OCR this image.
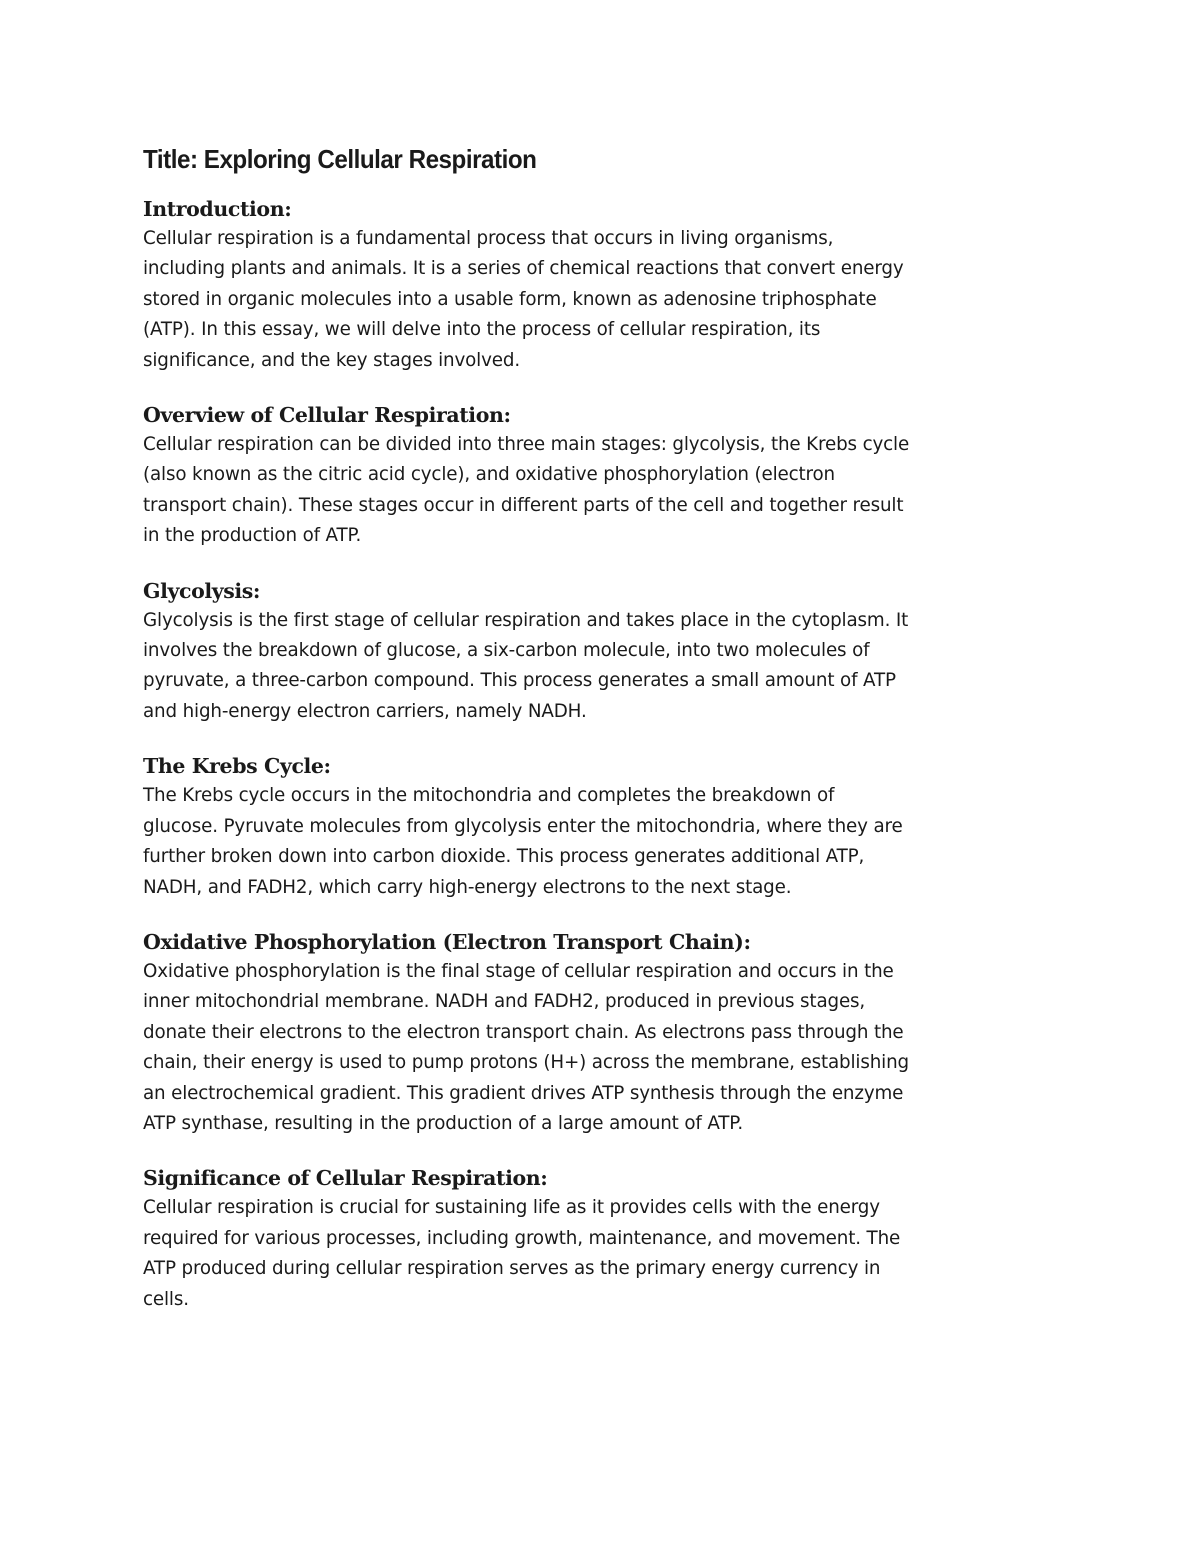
Title: Exploring Cellular Respiration
Introduction:

Cellular respiration is a fundamental process that occurs in living organisms,
including plants and animals. It is a series of chemical reactions that convert energy
stored in organic molecules into a usable form, known as adenosine triphosphate
(ATP). In this essay, we will delve into the process of cellular respiration, its
significance, and the key stages involved.

Overview of Cellular Respiration:

Cellular respiration can be divided into three main stages: glycolysis, the Krebs cycle
(also known as the citric acid cycle), and oxidative phosphorylation (electron
transport chain). These stages occur in different parts of the cell and together result
in the production of ATP.

Glycolysis:

Glycolysis is the first stage of cellular respiration and takes place in the cytoplasm. It
involves the breakdown of glucose, a six-carbon molecule, into two molecules of
pyruvate, a three-carbon compound. This process generates a small amount of ATP
and high-energy electron carriers, namely NADH.

The Krebs Cycle:

The Krebs cycle occurs in the mitochondria and completes the breakdown of
glucose. Pyruvate molecules from glycolysis enter the mitochondria, where they are
further broken down into carbon dioxide. This process generates additional ATP,
NADH, and FADH2, which carry high-energy electrons to the next stage.

Oxidative Phosphorylation (Electron Transport Chain):

Oxidative phosphorylation is the final stage of cellular respiration and occurs in the
inner mitochondrial membrane. NADH and FADH2, produced in previous stages,
donate their electrons to the electron transport chain. As electrons pass through the
chain, their energy is used to pump protons (H+) across the membrane, establishing
an electrochemical gradient. This gradient drives ATP synthesis through the enzyme
ATP synthase, resulting in the production of a large amount of ATP.

Significance of Cellular Respiration:

Cellular respiration is crucial for sustaining life as it provides cells with the energy
required for various processes, including growth, maintenance, and movement. The
ATP produced during cellular respiration serves as the primary energy currency in
cells.
